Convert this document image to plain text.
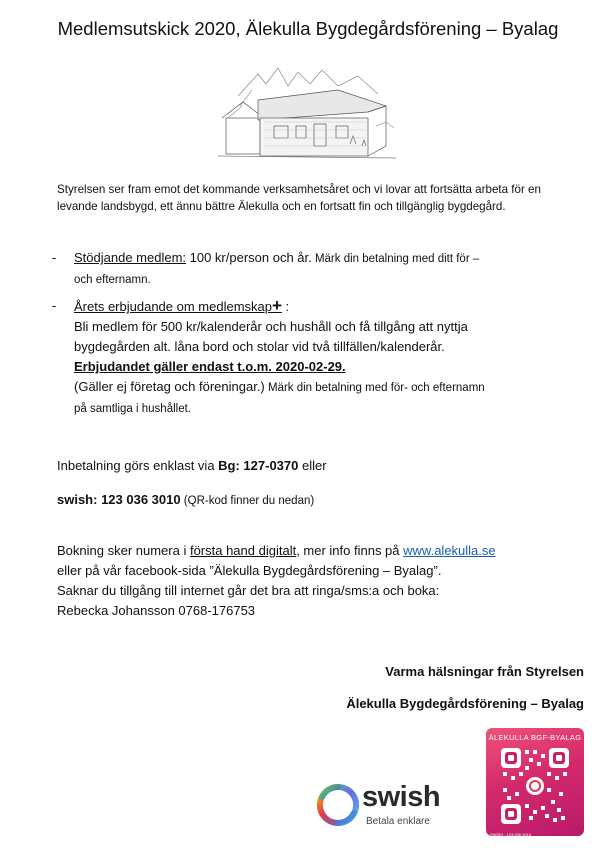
Medlemsutskick 2020, Älekulla Bygdegårdsförening – Byalag
Styrelsen ser fram emot det kommande verksamhetsåret och vi lovar att fortsätta arbeta för en
levande landsbygd, ett ännu bättre Älekulla och en fortsatt fin och tillgänglig bygdegård.
- Stödjande medlem: 100 kr/person och år. Märk din betalning med ditt för –
och efternamn.
- Årets erbjudande om medlemskap+ :
Bli medlem för 500 kr/kalenderår och hushåll och få tillgång att nyttja
bygdegården alt. låna bord och stolar vid två tillfällen/kalenderår.
Erbjudandet gäller endast t.o.m. 2020-02-29.
(Gäller ej företag och föreningar.) Märk din betalning med för- och efternamn
på samtliga i hushållet.
Inbetalning görs enklast via Bg: 127-0370 eller
swish: 123 036 3010 (QR-kod finner du nedan)
Bokning sker numera i första hand digitalt, mer info finns på www.alekulla.se
eller på vår facebook-sida ”Älekulla Bygdegårdsförening – Byalag”.
Saknar du tillgång till internet går det bra att ringa/sms:a och boka:
Rebecka Johansson 0768-176753
Varma hälsningar från Styrelsen
Älekulla Bygdegårdsförening – Byalag
swish
Betala enklare
ÄLEKULLA BGF-BYALAG
SWISH · 123 036 3010
